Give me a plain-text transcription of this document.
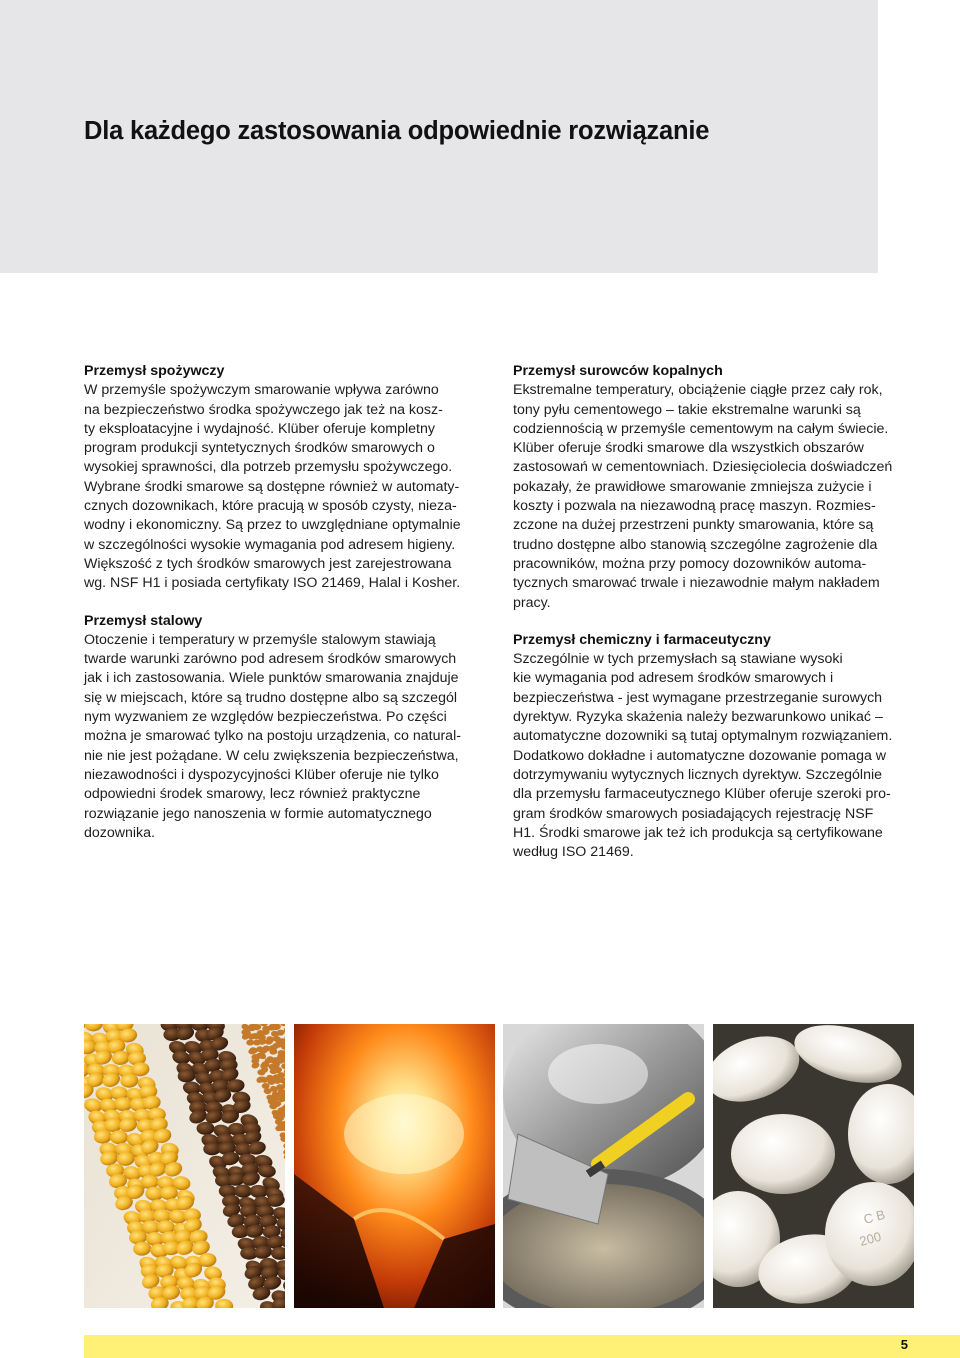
Dla każdego zastosowania odpowiednie rozwiązanie
Przemysł spożywczy

W przemyśle spożywczym smarowanie wpływa zarówno
na bezpieczeństwo środka spożywczego jak też na kosz-
ty eksploatacyjne i wydajność. Klüber oferuje kompletny
program produkcji syntetycznych środków smarowych o
wysokiej sprawności, dla potrzeb przemysłu spożywczego.
Wybrane środki smarowe są dostępne również w automaty-
cznych dozownikach, które pracują w sposób czysty, nieza-
wodny i ekonomiczny. Są przez to uwzględniane optymalnie
w szczególności wysokie wymagania pod adresem higieny.
Większość z tych środków smarowych jest zarejestrowana
wg. NSF H1 i posiada certyfikaty ISO 21469, Halal i Kosher.

Przemysł stalowy

Otoczenie i temperatury w przemyśle stalowym stawiają
twarde warunki zarówno pod adresem środków smarowych
jak i ich zastosowania. Wiele punktów smarowania znajduje
się w miejscach, które są trudno dostępne albo są szczegól
nym wyzwaniem ze względów bezpieczeństwa. Po części
można je smarować tylko na postoju urządzenia, co natural-
nie nie jest pożądane. W celu zwiększenia bezpieczeństwa,
niezawodności i dyspozycyjności Klüber oferuje nie tylko
odpowiedni środek smarowy, lecz również praktyczne
rozwiązanie jego nanoszenia w formie automatycznego
dozownika.

Przemysł surowców kopalnych

Ekstremalne temperatury, obciążenie ciągłe przez cały rok,
tony pyłu cementowego – takie ekstremalne warunki są
codziennością w przemyśle cementowym na całym świecie.
Klüber oferuje środki smarowe dla wszystkich obszarów
zastosowań w cementowniach. Dziesięciolecia doświadczeń
pokazały, że prawidłowe smarowanie zmniejsza zużycie i
koszty i pozwala na niezawodną pracę maszyn. Rozmies-
zczone na dużej przestrzeni punkty smarowania, które są
trudno dostępne albo stanowią szczególne zagrożenie dla
pracowników, można przy pomocy dozowników automa-
tycznych smarować trwale i niezawodnie małym nakładem
pracy.

Przemysł chemiczny i farmaceutyczny

Szczególnie w tych przemysłach są stawiane wysoki
​kie wymagania pod adresem środków smarowych i
bezpieczeństwa - jest wymagane przestrzeganie surowych
dyrektyw. Ryzyka skażenia należy bezwarunkowo unikać –
automatyczne dozowniki są tutaj optymalnym rozwiązaniem.
Dodatkowo dokładne i automatyczne dozowanie pomaga w
dotrzymywaniu wytycznych licznych dyrektyw. Szczególnie
dla przemysłu farmaceutycznego Klüber oferuje szeroki pro-
gram środków smarowych posiadających rejestrację NSF
H1. Środki smarowe jak też ich produkcja są certyfikowane
według ISO 21469.

C B
200
5
